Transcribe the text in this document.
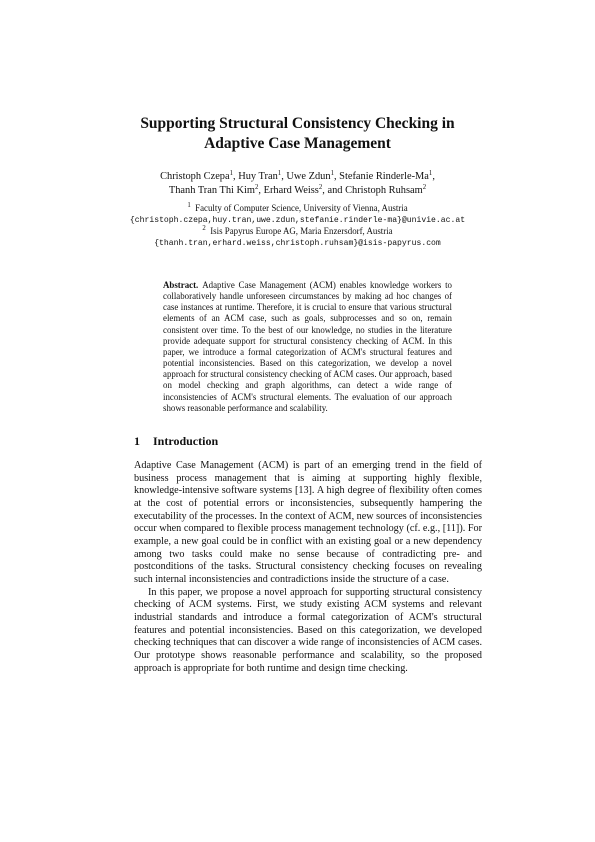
Supporting Structural Consistency Checking in
Adaptive Case Management
Christoph Czepa$^1$, Huy Tran$^1$, Uwe Zdun$^1$, Stefanie Rinderle-Ma$^1$,
Thanh Tran Thi Kim$^2$, Erhard Weiss$^2$, and Christoph Ruhsam$^2$
$^1$ Faculty of Computer Science, University of Vienna, Austria
{christoph.czepa,huy.tran,uwe.zdun,stefanie.rinderle-ma}@univie.ac.at
$^2$ Isis Papyrus Europe AG, Maria Enzersdorf, Austria
{thanh.tran,erhard.weiss,christoph.ruhsam}@isis-papyrus.com
Abstract. Adaptive Case Management (ACM) enables knowledge workers to collaboratively handle unforeseen circumstances by making ad hoc changes of case instances at runtime. Therefore, it is crucial to ensure that various structural elements of an ACM case, such as goals, subprocesses and so on, remain consistent over time. To the best of our knowledge, no studies in the literature provide adequate support for structural consistency checking of ACM. In this paper, we introduce a formal categorization of ACM's structural features and potential inconsistencies. Based on this categorization, we develop a novel approach for structural consistency checking of ACM cases. Our approach, based on model checking and graph algorithms, can detect a wide range of inconsistencies of ACM's structural elements. The evaluation of our approach shows reasonable performance and scalability.
1 Introduction

Adaptive Case Management (ACM) is part of an emerging trend in the field of business process management that is aiming at supporting highly flexible, knowledge-intensive software systems [13]. A high degree of flexibility often comes at the cost of potential errors or inconsistencies, subsequently hampering the executability of the processes. In the context of ACM, new sources of inconsistencies occur when compared to flexible process management technology (cf. e.g., [11]). For example, a new goal could be in conflict with an existing goal or a new dependency among two tasks could make no sense because of contradicting pre- and postconditions of the tasks. Structural consistency checking focuses on revealing such internal inconsistencies and contradictions inside the structure of a case.

In this paper, we propose a novel approach for supporting structural consistency checking of ACM systems. First, we study existing ACM systems and relevant industrial standards and introduce a formal categorization of ACM's structural features and potential inconsistencies. Based on this categorization, we developed checking techniques that can discover a wide range of inconsistencies of ACM cases. Our prototype shows reasonable performance and scalability, so the proposed approach is appropriate for both runtime and design time checking.
